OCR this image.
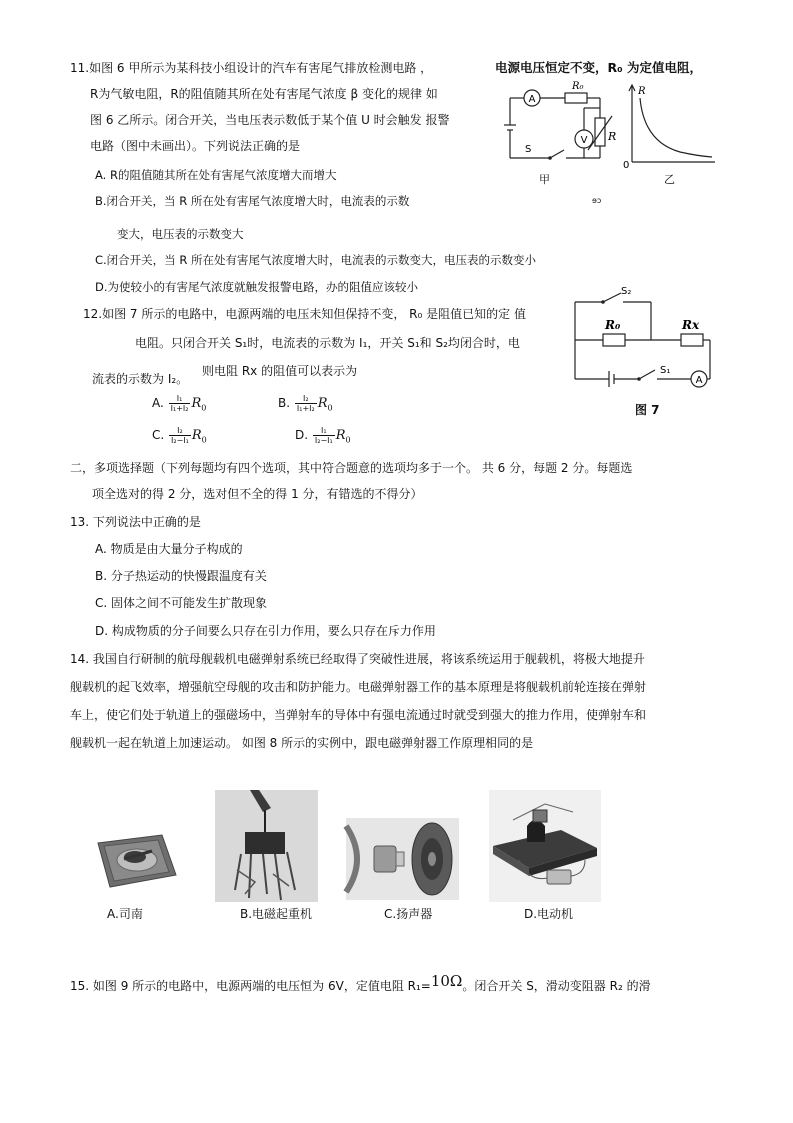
11.如图 6 甲所示为某科技小组设计的汽车有害尾气排放检测电路 ，	电源电压恒定不变，R₀ 为定值电阻，
R为气敏电阻，R的阻值随其所在处有害尾气浓度 β 变化的规律 如
图 6 乙所示。闭合开关，当电压表示数低于某个值 U 时会触发 报警
电路（图中未画出）。下列说法正确的是
A. R的阻值随其所在处有害尾气浓度增大而增大
B.闭合开关，当 R 所在处有害尾气浓度增大时，电流表的示数
变大，电压表的示数变大
C.闭合开关，当 R 所在处有害尾气浓度增大时，电流表的示数变大，电压表的示数变小
D.为使较小的有害尾气浓度就触发报警电路，办的阻值应该较小
A
V
R₀
R
S
甲
R
0
乙
ɘɔ
12.如图 7 所示的电路中，电源两端的电压未知但保持不变， R₀ 是阻值已知的定 值
电阻。只闭合开关 S₁时，电流表的示数为 I₁，开关 S₁和 S₂均闭合时，电
流表的示数为 I₂。
则电阻 Rx 的阻值可以表示为
A. $\frac{\text{I₁}}{\text{I₁+I₂}} R_0$	B. $\frac{\text{I₂}}{\text{I₁+I₂}} R_0$
C. $\frac{\text{I₂}}{\text{I₂−I₁}} R_0$	D. $\frac{\text{I₁}}{\text{I₂−I₁}} R_0$
A
S₂
R₀	Rx
S₁
图 7
二，多项选择题（下列每题均有四个选项，其中符合题意的选项均多于一个。 共 6 分，每题 2 分。每题选
项全选对的得 2 分，选对但不全的得 1 分，有错选的不得分）
13. 下列说法中正确的是
A. 物质是由大量分子构成的
B. 分子热运动的快慢跟温度有关
C. 固体之间不可能发生扩散现象
D. 构成物质的分子间要么只存在引力作用，要么只存在斥力作用
14. 我国自行研制的航母舰载机电磁弹射系统已经取得了突破性进展，将该系统运用于舰载机，将极大地提升
舰载机的起飞效率，增强航空母舰的攻击和防护能力。电磁弹射器工作的基本原理是将舰载机前轮连接在弹射
车上，使它们处于轨道上的强磁场中，当弹射车的导体中有强电流通过时就受到强大的推力作用，使弹射车和
舰载机一起在轨道上加速运动。 如图 8 所示的实例中，跟电磁弹射器工作原理相同的是
A.司南	B.电磁起重机	C.扬声器	D.电动机
15. 如图 9 所示的电路中，电源两端的电压恒为 6V，定值电阻 R₁=10Ω。闭合开关 S，滑动变阻器 R₂ 的滑
